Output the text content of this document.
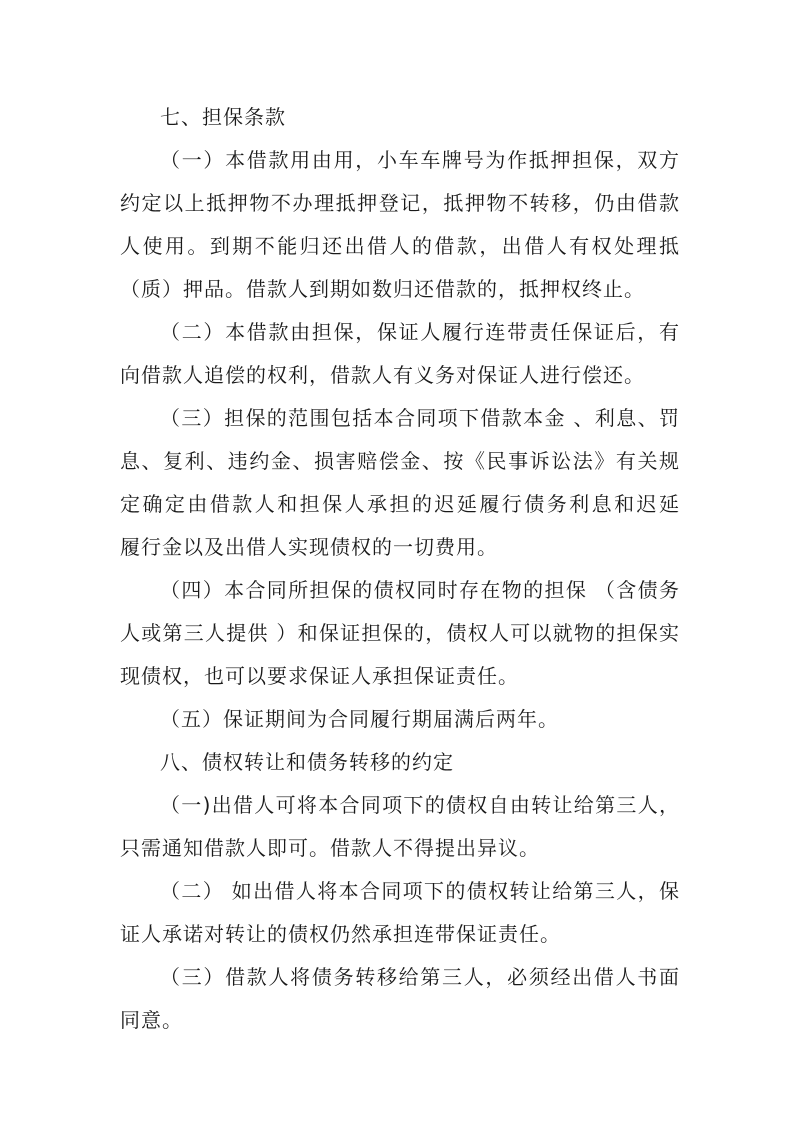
七、担保条款
（一）本借款用由用，小车车牌号为作抵押担保，双方
约定以上抵押物不办理抵押登记，抵押物不转移，仍由借款
人使用。到期不能归还出借人的借款，出借人有权处理抵
（质）押品。借款人到期如数归还借款的，抵押权终止。
（二）本借款由担保，保证人履行连带责任保证后，有
向借款人追偿的权利，借款人有义务对保证人进行偿还。
（三）担保的范围包括本合同项下借款本金 、利息、罚
息、复利、违约金、损害赔偿金、按《民事诉讼法》有关规
定确定由借款人和担保人承担的迟延履行债务利息和迟延
履行金以及出借人实现债权的一切费用。
（四）本合同所担保的债权同时存在物的担保 （含债务
人或第三人提供 ）和保证担保的，债权人可以就物的担保实
现债权，也可以要求保证人承担保证责任。
（五）保证期间为合同履行期届满后两年。
八、债权转让和债务转移的约定
（一)出借人可将本合同项下的债权自由转让给第三人，
只需通知借款人即可。借款人不得提出异议。
（二） 如出借人将本合同项下的债权转让给第三人，保
证人承诺对转让的债权仍然承担连带保证责任。
（三）借款人将债务转移给第三人，必须经出借人书面
同意。
